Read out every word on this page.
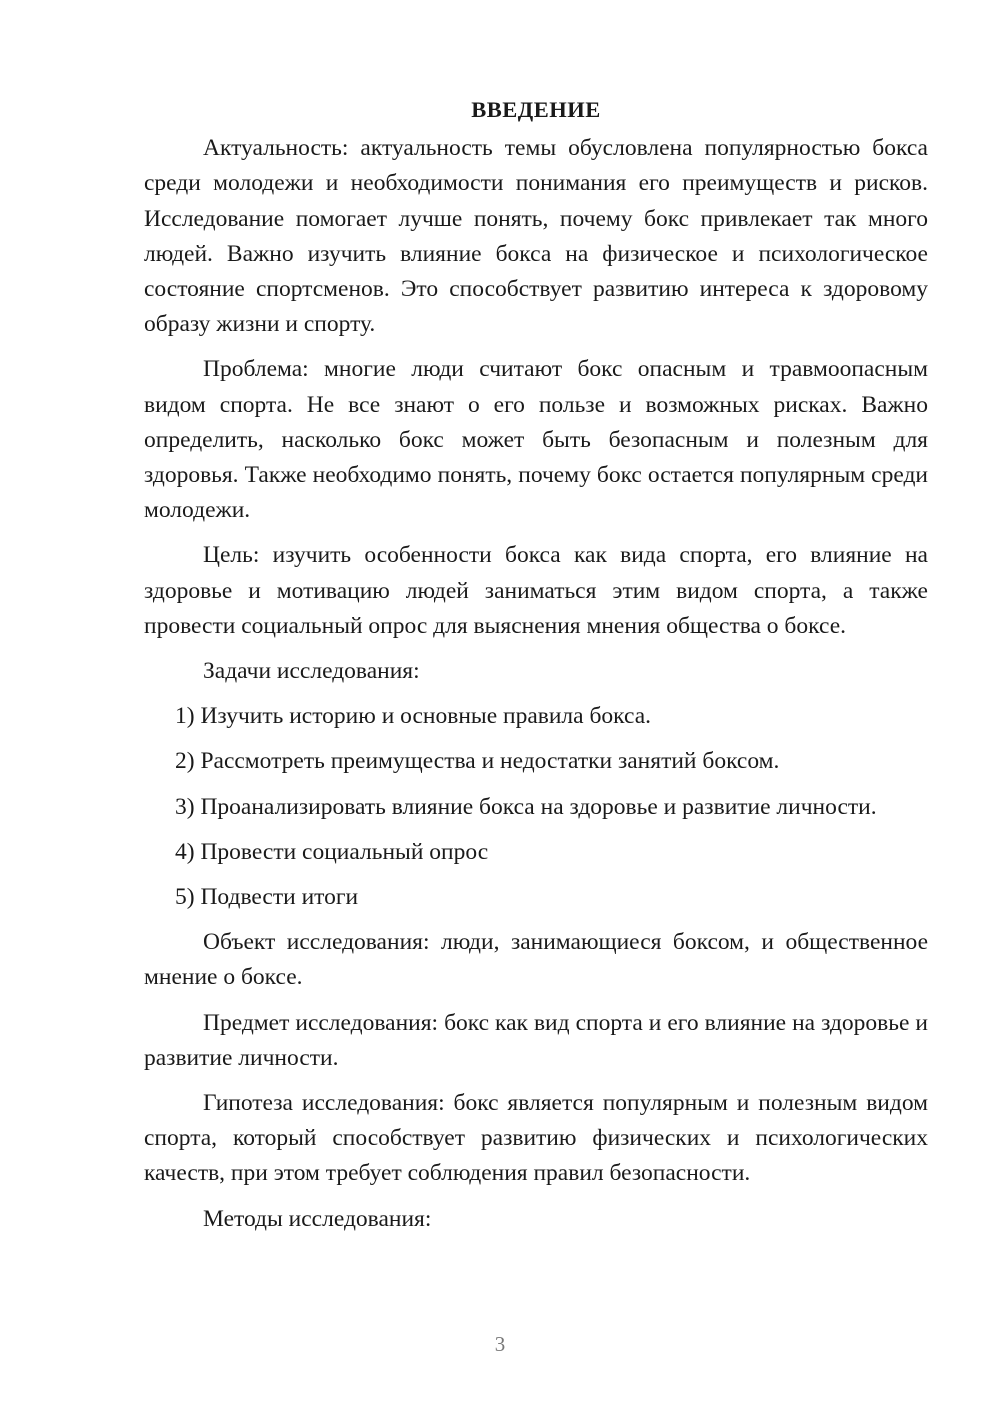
ВВЕДЕНИЕ

Актуальность: актуальность темы обусловлена популярностью бокса среди молодежи и необходимости понимания его преимуществ и рисков. Исследование помогает лучше понять, почему бокс привлекает так много людей. Важно изучить влияние бокса на физическое и психологическое состояние спортсменов. Это способствует развитию интереса к здоровому образу жизни и спорту.

Проблема: многие люди считают бокс опасным и травмоопасным видом спорта. Не все знают о его пользе и возможных рисках. Важно определить, насколько бокс может быть безопасным и полезным для здоровья. Также необходимо понять, почему бокс остается популярным среди молодежи.

Цель: изучить особенности бокса как вида спорта, его влияние на здоровье и мотивацию людей заниматься этим видом спорта, а также провести социальный опрос для выяснения мнения общества о боксе.

Задачи исследования:

1) Изучить историю и основные правила бокса.

2) Рассмотреть преимущества и недостатки занятий боксом.

3) Проанализировать влияние бокса на здоровье и развитие личности.

4) Провести социальный опрос

5) Подвести итоги

Объект исследования: люди, занимающиеся боксом, и общественное мнение о боксе.

Предмет исследования: бокс как вид спорта и его влияние на здоровье и развитие личности.

Гипотеза исследования: бокс является популярным и полезным видом спорта, который способствует развитию физических и психологических качеств, при этом требует соблюдения правил безопасности.

Методы исследования:

3
